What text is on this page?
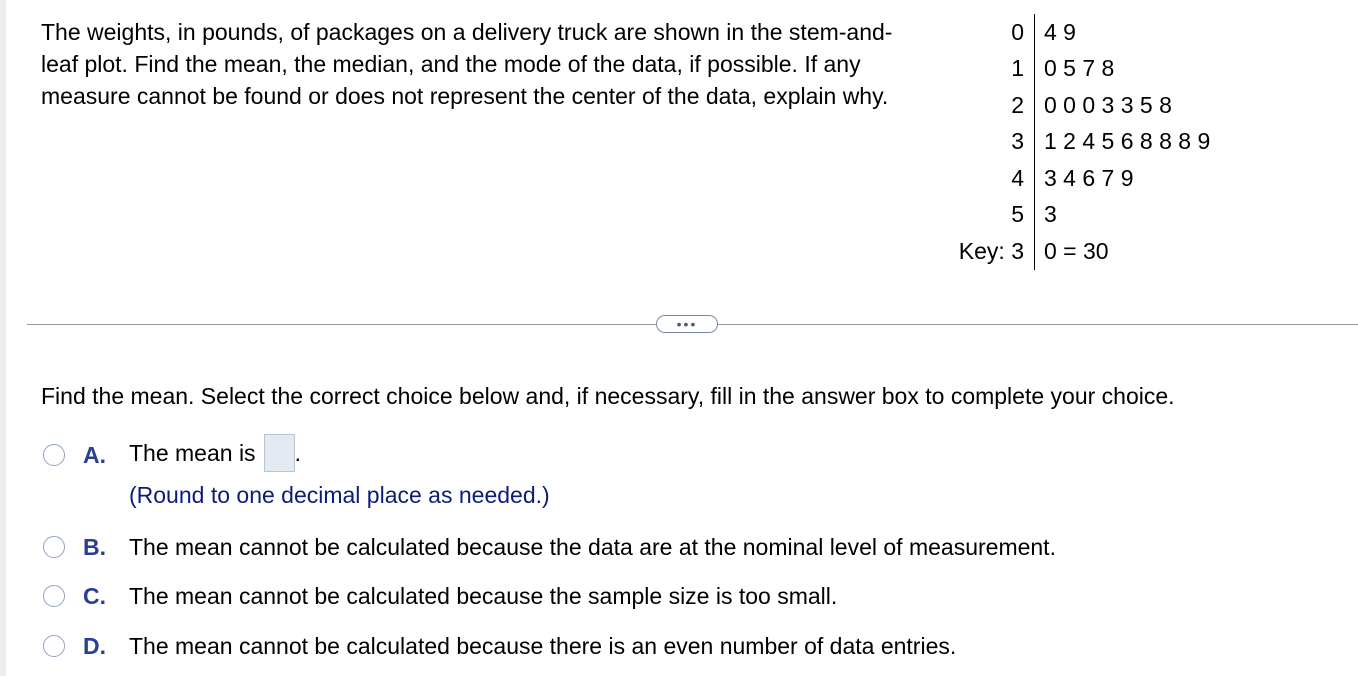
The weights, in pounds, of packages on a delivery truck are shown in the stem-and-leaf plot. Find the mean, the median, and the mode of the data, if possible. If any measure cannot be found or does not represent the center of the data, explain why.

0 4 9
1 0 5 7 8
2 0 0 0 3 3 5 8
3 1 2 4 5 6 8 8 8 9
4 3 4 6 7 9
5 3
Key: 3 0 = 30
•••

Find the mean. Select the correct choice below and, if necessary, fill in the answer box to complete your choice.

A. The mean is .
(Round to one decimal place as needed.)
B. The mean cannot be calculated because the data are at the nominal level of measurement.
C. The mean cannot be calculated because the sample size is too small.
D. The mean cannot be calculated because there is an even number of data entries.
